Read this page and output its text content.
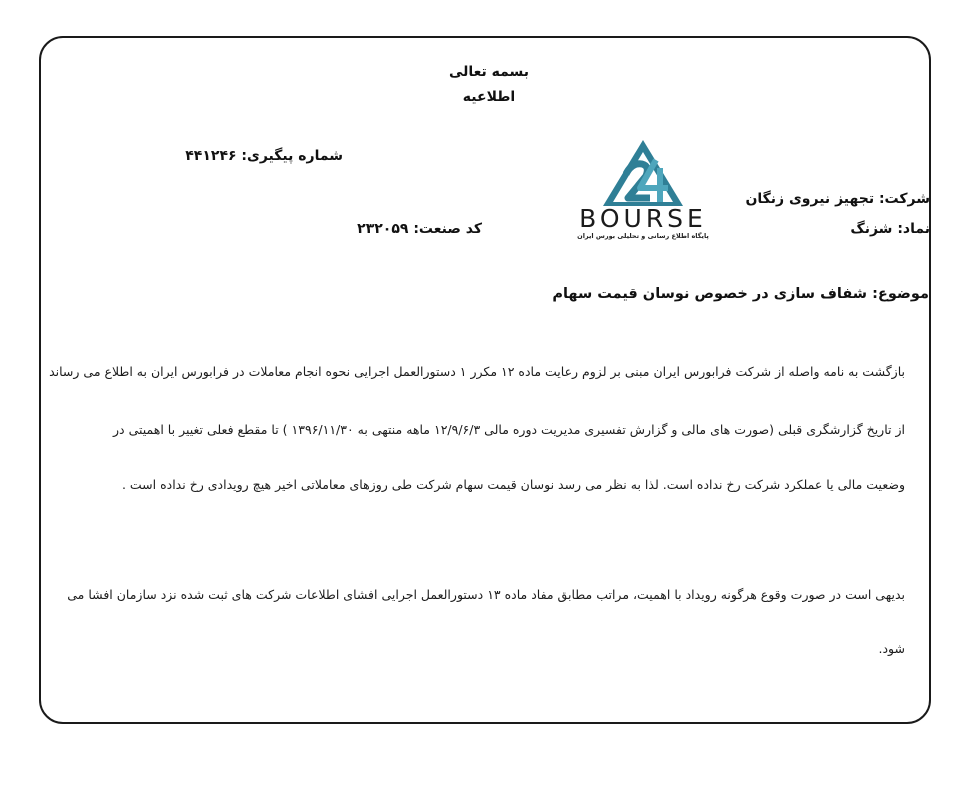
بسمه تعالی
اطلاعیه
شماره پیگیری: ۴۴۱۲۴۶
BOURSE
پایگاه اطلاع رسانی و تحلیلی بورس ایران
شرکت: تجهیز نیروی زنگان
نماد: شزنگ
کد صنعت: ۲۳۲۰۵۹
موضوع: شفاف سازی در خصوص نوسان قیمت سهام
بازگشت به نامه واصله از شرکت فرابورس ایران مبنی بر لزوم رعایت ماده ۱۲ مکرر ۱ دستورالعمل اجرایی نحوه انجام معاملات در فرابورس ایران به اطلاع می رساند
از تاریخ گزارشگری قبلی (صورت های مالی و گزارش تفسیری مدیریت دوره مالی ۱۲/۹/۶/۳ ماهه منتهی به ۱۳۹۶/۱۱/۳۰ ) تا مقطع فعلی تغییر با اهمیتی در
وضعیت مالی یا عملکرد شرکت رخ نداده است. لذا به نظر می رسد نوسان قیمت سهام شرکت طی روزهای معاملاتی اخیر هیچ رویدادی رخ نداده است .
بدیهی است در صورت وقوع هرگونه رویداد با اهمیت، مراتب مطابق مفاد ماده ۱۳ دستورالعمل اجرایی افشای اطلاعات شرکت های ثبت شده نزد سازمان افشا می
شود.
